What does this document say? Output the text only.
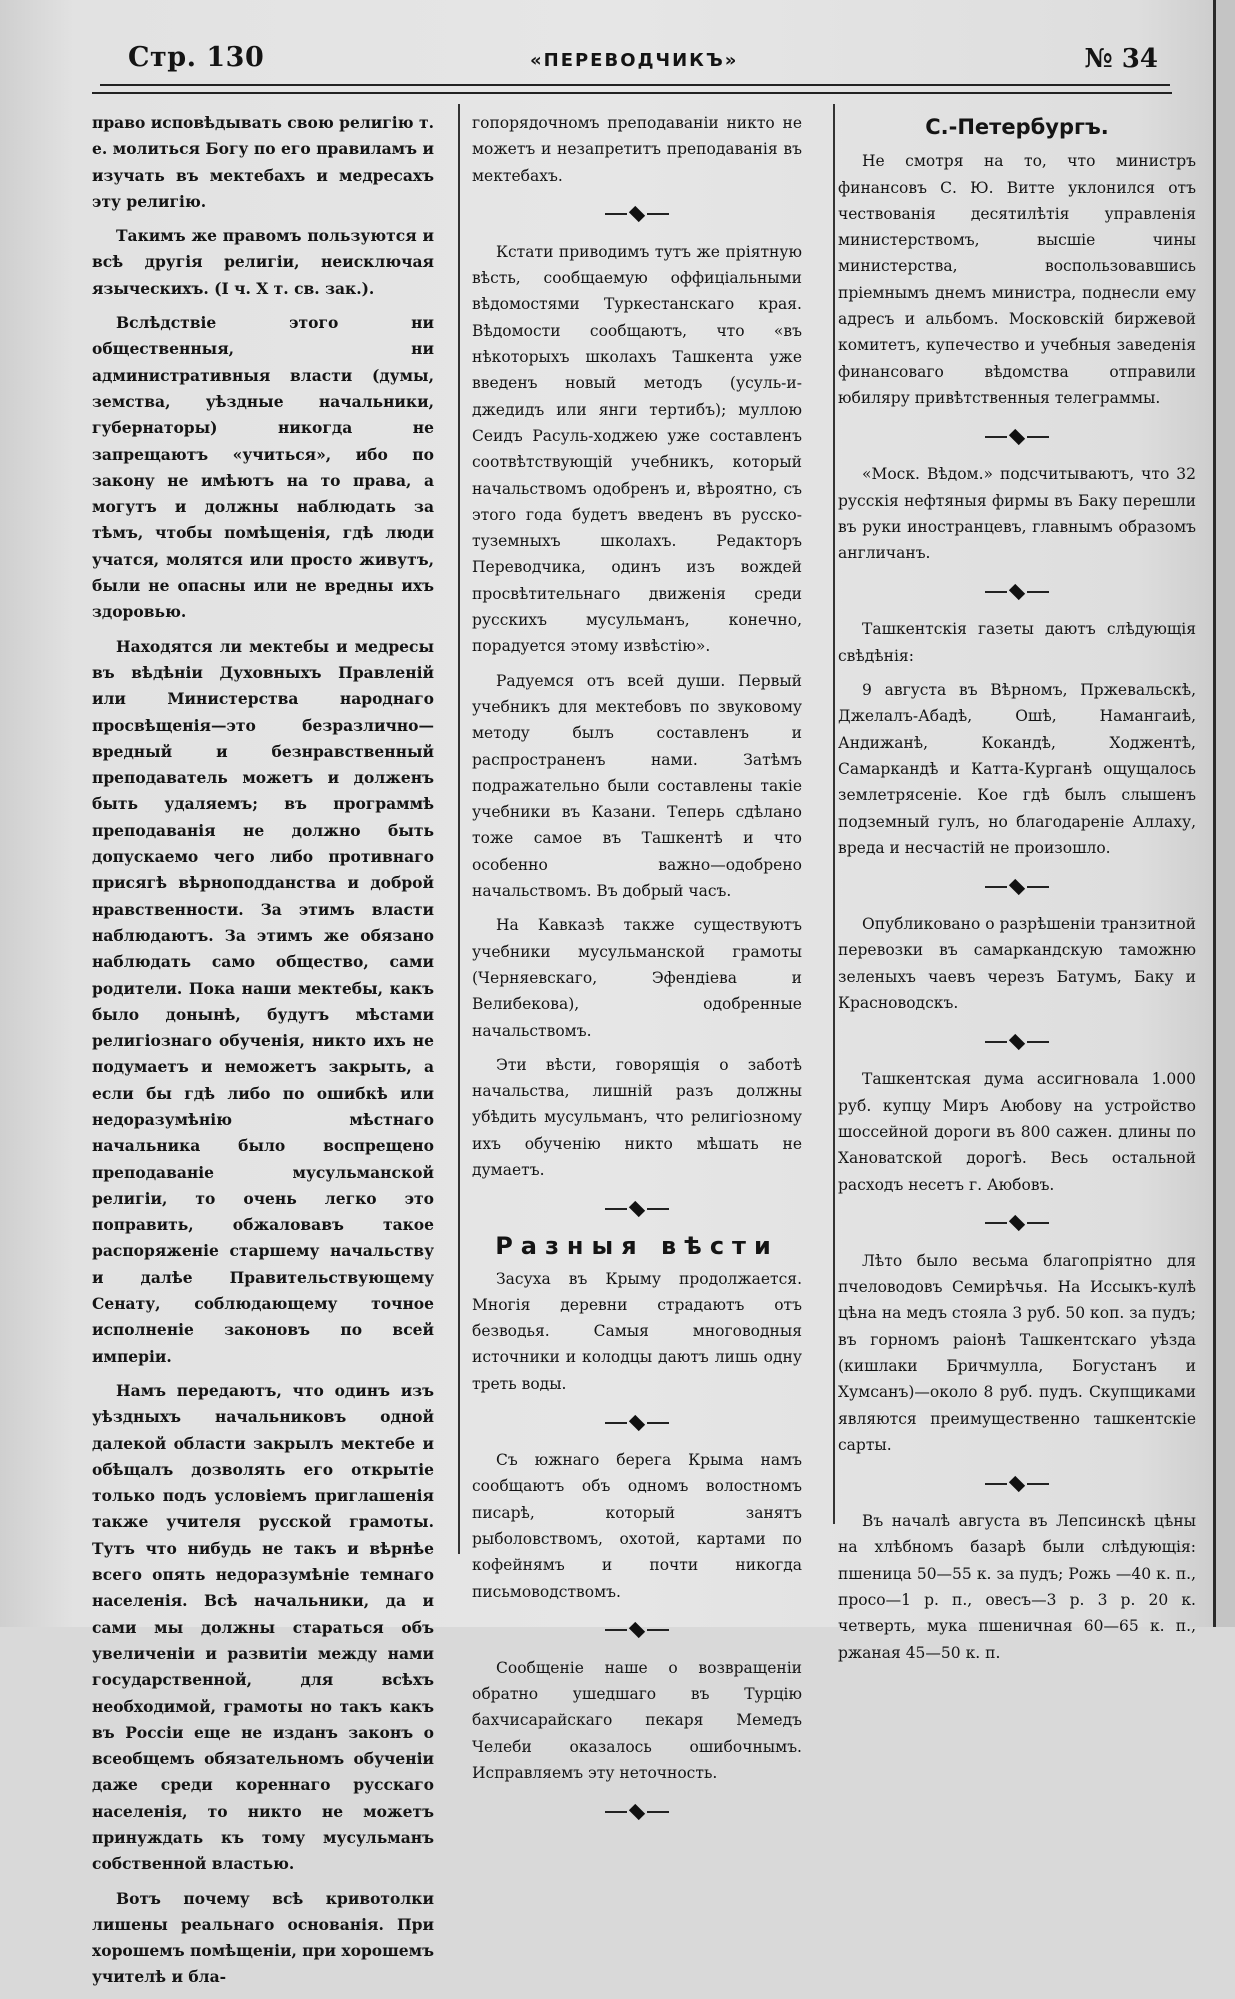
Стр. 130	«ПЕРЕВОДЧИКЪ»	№ 34

право исповѣдывать свою религію т. е. молиться Богу по его правиламъ и изучать въ мектебахъ и медресахъ эту религію.

Такимъ же правомъ пользуются и всѣ другія религіи, неисключая языческихъ. (I ч. X т. св. зак.).

Вслѣдствіе этого ни общественныя, ни административныя власти (думы, земства, уѣздные начальники, губернаторы) никогда не запрещаютъ «учиться», ибо по закону не имѣютъ на то права, а могутъ и должны наблюдать за тѣмъ, чтобы помѣщенія, гдѣ люди учатся, молятся или просто живутъ, были не опасны или не вредны ихъ здоровью.

Находятся ли мектебы и медресы въ вѣдѣніи Духовныхъ Правленій или Министерства народнаго просвѣщенія—это безразлично—вредный и безнравственный преподаватель можетъ и долженъ быть удаляемъ; въ программѣ преподаванія не должно быть допускаемо чего либо противнаго присягѣ вѣрноподданства и доброй нравственности. За этимъ власти наблюдаютъ. За этимъ же обязано наблюдать само общество, сами родители. Пока наши мектебы, какъ было донынѣ, будутъ мѣстами религіознаго обученія, никто ихъ не подумаетъ и неможетъ закрыть, а если бы гдѣ либо по ошибкѣ или недоразумѣнію мѣстнаго начальника было воспрещено преподаваніе мусульманской религіи, то очень легко это поправить, обжаловавъ такое распоряженіе старшему начальству и далѣе Правительствующему Сенату, соблюдающему точное исполненіе законовъ по всей имперіи.

Намъ передаютъ, что одинъ изъ уѣздныхъ начальниковъ одной далекой области закрылъ мектебе и обѣщалъ дозволять его открытіе только подъ условіемъ приглашенія также учителя русской грамоты. Тутъ что нибудь не такъ и вѣрнѣе всего опять недоразумѣніе темнаго населенія. Всѣ начальники, да и сами мы должны стараться объ увеличеніи и развитіи между нами государственной, для всѣхъ необходимой, грамоты но такъ какъ въ Россіи еще не изданъ законъ о всеобщемъ обязательномъ обученіи даже среди кореннаго русскаго населенія, то никто не можетъ принуждать къ тому мусульманъ собственной властью.

Вотъ почему всѣ кривотолки лишены реальнаго основанія. При хорошемъ помѣщеніи, при хорошемъ учителѣ и бла-

гопорядочномъ преподаваніи никто не можетъ и незапретитъ преподаванія въ мектебахъ.

Кстати приводимъ тутъ же пріятную вѣсть, сообщаемую оффиціальными вѣдомостями Туркестанскаго края. Вѣдомости сообщаютъ, что «въ нѣкоторыхъ школахъ Ташкента уже введенъ новый методъ (усуль-и-джедидъ или янги тертибъ); муллою Сеидъ Расуль-ходжею уже составленъ соотвѣтствующій учебникъ, который начальствомъ одобренъ и, вѣроятно, съ этого года будетъ введенъ въ русско-туземныхъ школахъ. Редакторъ Переводчика, одинъ изъ вождей просвѣтительнаго движенія среди русскихъ мусульманъ, конечно, порадуется этому извѣстію».

Радуемся отъ всей души. Первый учебникъ для мектебовъ по звуковому методу былъ составленъ и распространенъ нами. Затѣмъ подражательно были составлены такіе учебники въ Казани. Теперь сдѣлано тоже самое въ Ташкентѣ и что особенно важно—одобрено начальствомъ. Въ добрый часъ.

На Кавказѣ также существуютъ учебники мусульманской грамоты (Черняевскаго, Эфендіева и Велибекова), одобренные начальствомъ.

Эти вѣсти, говорящія о заботѣ начальства, лишній разъ должны убѣдить мусульманъ, что религіозному ихъ обученію никто мѣшать не думаетъ.

Разныя вѣсти

Засуха въ Крыму продолжается. Многія деревни страдаютъ отъ безводья. Самыя многоводныя источники и колодцы даютъ лишь одну треть воды.

Съ южнаго берега Крыма намъ сообщаютъ объ одномъ волостномъ писарѣ, который занятъ рыболовствомъ, охотой, картами по кофейнямъ и почти никогда письмоводствомъ.

Сообщеніе наше о возвращеніи обратно ушедшаго въ Турцію бахчисарайскаго пекаря Мемедъ Челеби оказалось ошибочнымъ. Исправляемъ эту неточность.

С.-Петербургъ.

Не смотря на то, что министръ финансовъ С. Ю. Витте уклонился отъ чествованія десятилѣтія управленія министерствомъ, высшіе чины министерства, воспользовавшись пріемнымъ днемъ министра, поднесли ему адресъ и альбомъ. Московскій биржевой комитетъ, купечество и учебныя заведенія финансоваго вѣдомства отправили юбиляру привѣтственныя телеграммы.

«Моск. Вѣдом.» подсчитываютъ, что 32 русскія нефтяныя фирмы въ Баку перешли въ руки иностранцевъ, главнымъ образомъ англичанъ.

Ташкентскія газеты даютъ слѣдующія свѣдѣнія:

9 августа въ Вѣрномъ, Пржевальскѣ, Джелалъ-Абадѣ, Ошѣ, Намангаиѣ, Андижанѣ, Кокандѣ, Ходжентѣ, Самаркандѣ и Катта-Курганѣ ощущалось землетрясеніе. Кое гдѣ былъ слышенъ подземный гулъ, но благодареніе Аллаху, вреда и несчастій не произошло.

Опубликовано о разрѣшеніи транзитной перевозки въ самаркандскую таможню зеленыхъ чаевъ черезъ Батумъ, Баку и Красноводскъ.

Ташкентская дума ассигновала 1.000 руб. купцу Миръ Аюбову на устройство шоссейной дороги въ 800 сажен. длины по Хановатской дорогѣ. Весь остальной расходъ несетъ г. Аюбовъ.

Лѣто было весьма благопріятно для пчеловодовъ Семирѣчья. На Иссыкъ-кулѣ цѣна на медъ стояла 3 руб. 50 коп. за пудъ; въ горномъ раіонѣ Ташкентскаго уѣзда (кишлаки Бричмулла, Богустанъ и Хумсанъ)—около 8 руб. пудъ. Скупщиками являются преимущественно ташкентскіе сарты.

Въ началѣ августа въ Лепсинскѣ цѣны на хлѣбномъ базарѣ были слѣдующія: пшеница 50—55 к. за пудъ; Рожь —40 к. п., просо—1 р. п., овесъ—3 р. 3 р. 20 к. четверть, мука пшеничная 60—65 к. п., ржаная 45—50 к. п.
